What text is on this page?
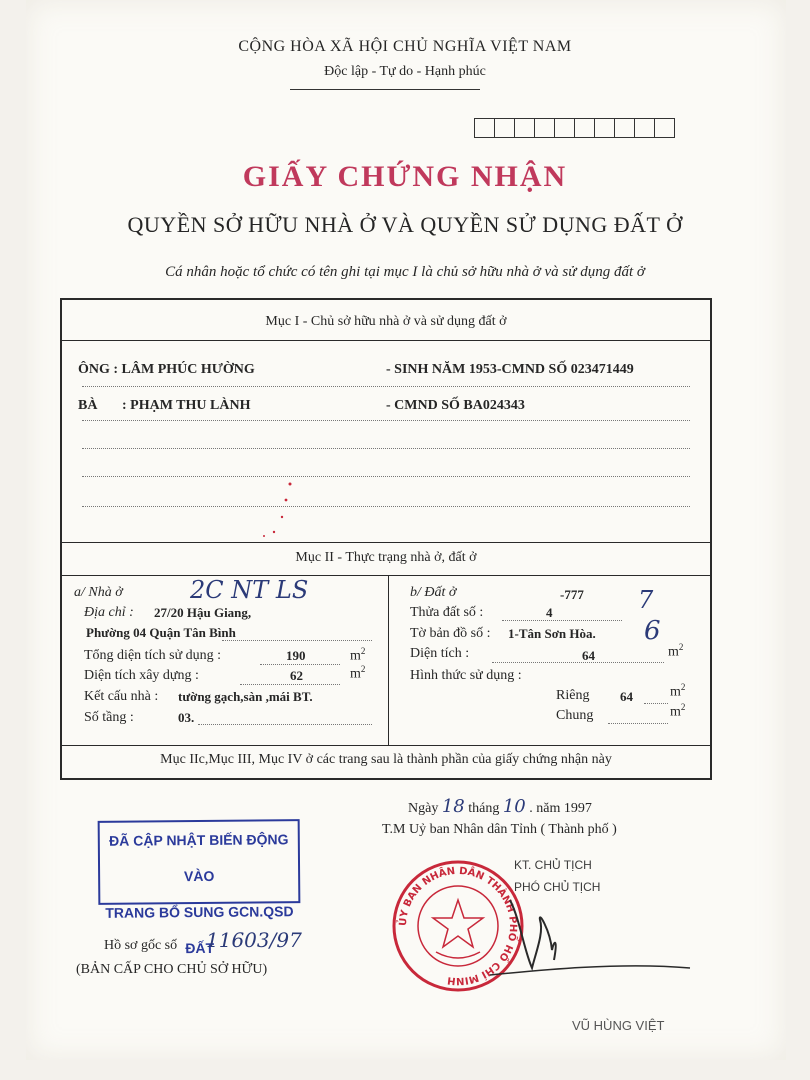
CỘNG HÒA XÃ HỘI CHỦ NGHĨA VIỆT NAM
Độc lập - Tự do - Hạnh phúc
GIẤY CHỨNG NHẬN
QUYỀN SỞ HỮU NHÀ Ở VÀ QUYỀN SỬ DỤNG ĐẤT Ở
Cá nhân hoặc tổ chức có tên ghi tại mục I là chủ sở hữu nhà ở và sử dụng đất ở
Mục I - Chủ sở hữu nhà ở và sử dụng đất ở
ÔNG : LÂM PHÚC HƯỜNG	- SINH NĂM 1953-CMND SỐ 023471449
BÀ : PHẠM THU LÀNH	- CMND SỐ BA024343
Mục II - Thực trạng nhà ở, đất ở
a/ Nhà ở	2C NT LS
Địa chỉ : 27/20 Hậu Giang,
Phường 04 Quận Tân Bình
Tổng diện tích sử dụng :	190	$m^2$
Diện tích xây dựng :	62	$m^2$
Kết cấu nhà : tường gạch,sàn ,mái BT.
Số tầng :	03.
b/ Đất ở	-777 7
Thửa đất số :	4
Tờ bản đồ số : 1-Tân Sơn Hòa. 6
Diện tích :	64	$m^2$
Hình thức sử dụng :
Riêng 64	$m^2$
Chung	$m^2$
Mục IIc,Mục III, Mục IV ở các trang sau là thành phần của giấy chứng nhận này
Ngày 18 tháng 10 . năm 1997
T.M Uỷ ban Nhân dân Tỉnh ( Thành phố )
KT. CHỦ TỊCH
PHÓ CHỦ TỊCH
VŨ HÙNG VIỆT
ĐÃ CẬP NHẬT BIẾN ĐỘNG VÀO
TRANG BỔ SUNG GCN.QSD ĐẤT
Hồ sơ gốc số 11603/97
(BẢN CẤP CHO CHỦ SỞ HỮU)
ỦY BAN NHÂN DÂN THÀNH PHỐ HỒ CHÍ MINH
